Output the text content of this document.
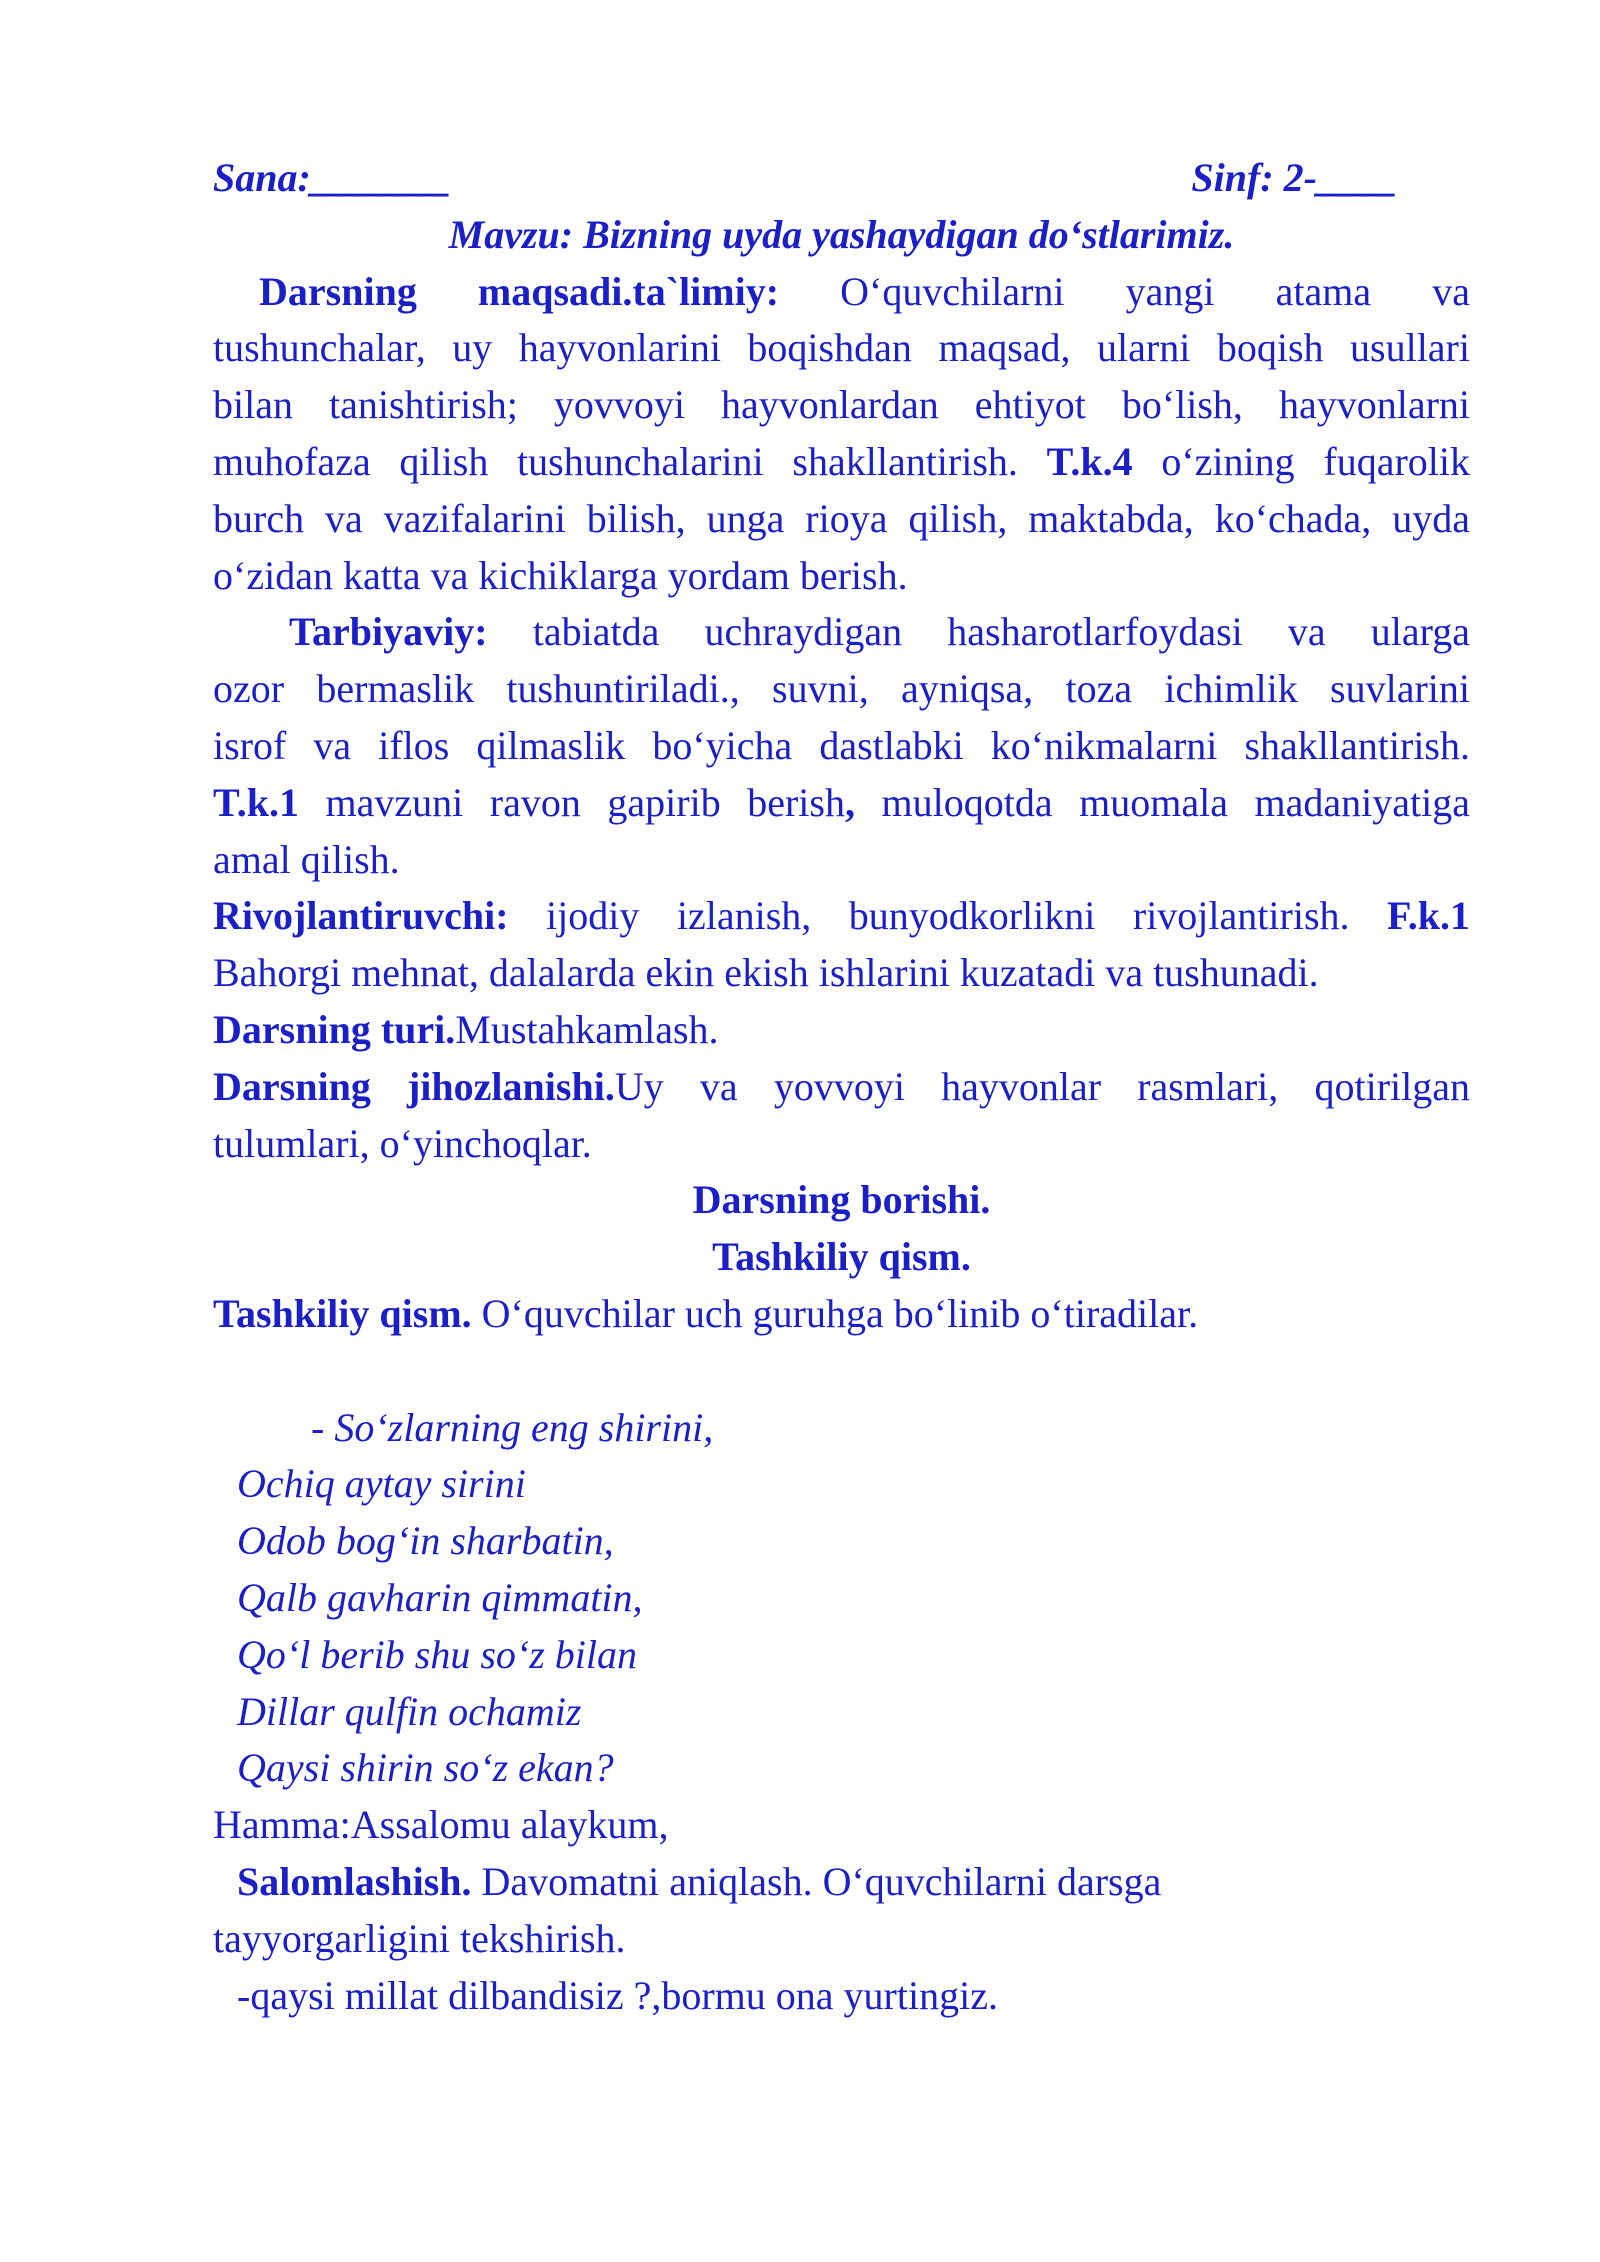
Sana:_______	Sinf: 2-____
Mavzu: Bizning uyda yashaydigan do‘stlarimiz.
Darsning maqsadi.ta`limiy: O‘quvchilarni yangi atama va
tushunchalar, uy hayvonlarini boqishdan maqsad, ularni boqish usullari
bilan tanishtirish; yovvoyi hayvonlardan ehtiyot bo‘lish, hayvonlarni
muhofaza qilish tushunchalarini shakllantirish. T.k.4 o‘zining fuqarolik
burch va vazifalarini bilish, unga rioya qilish, maktabda, ko‘chada, uyda
o‘zidan katta va kichiklarga yordam berish.
Tarbiyaviy: tabiatda uchraydigan hasharotlarfoydasi va ularga
ozor bermaslik tushuntiriladi., suvni, ayniqsa, toza ichimlik suvlarini
isrof va iflos qilmaslik bo‘yicha dastlabki ko‘nikmalarni shakllantirish.
T.k.1 mavzuni ravon gapirib berish, muloqotda muomala madaniyatiga
amal qilish.
Rivojlantiruvchi: ijodiy izlanish, bunyodkorlikni rivojlantirish. F.k.1
Bahorgi mehnat, dalalarda ekin ekish ishlarini kuzatadi va tushunadi.
Darsning turi.Mustahkamlash.
Darsning jihozlanishi.Uy va yovvoyi hayvonlar rasmlari, qotirilgan
tulumlari, o‘yinchoqlar.
Darsning borishi.
Tashkiliy qism.
Tashkiliy qism. O‘quvchilar uch guruhga bo‘linib o‘tiradilar.
- So‘zlarning eng shirini,
Ochiq aytay sirini
Odob bog‘in sharbatin,
Qalb gavharin qimmatin,
Qo‘l berib shu so‘z bilan
Dillar qulfin ochamiz
Qaysi shirin so‘z ekan?
Hamma:Assalomu alaykum,
Salomlashish. Davomatni aniqlash. O‘quvchilarni darsga
tayyorgarligini tekshirish.
-qaysi millat dilbandisiz ?,bormu ona yurtingiz.
